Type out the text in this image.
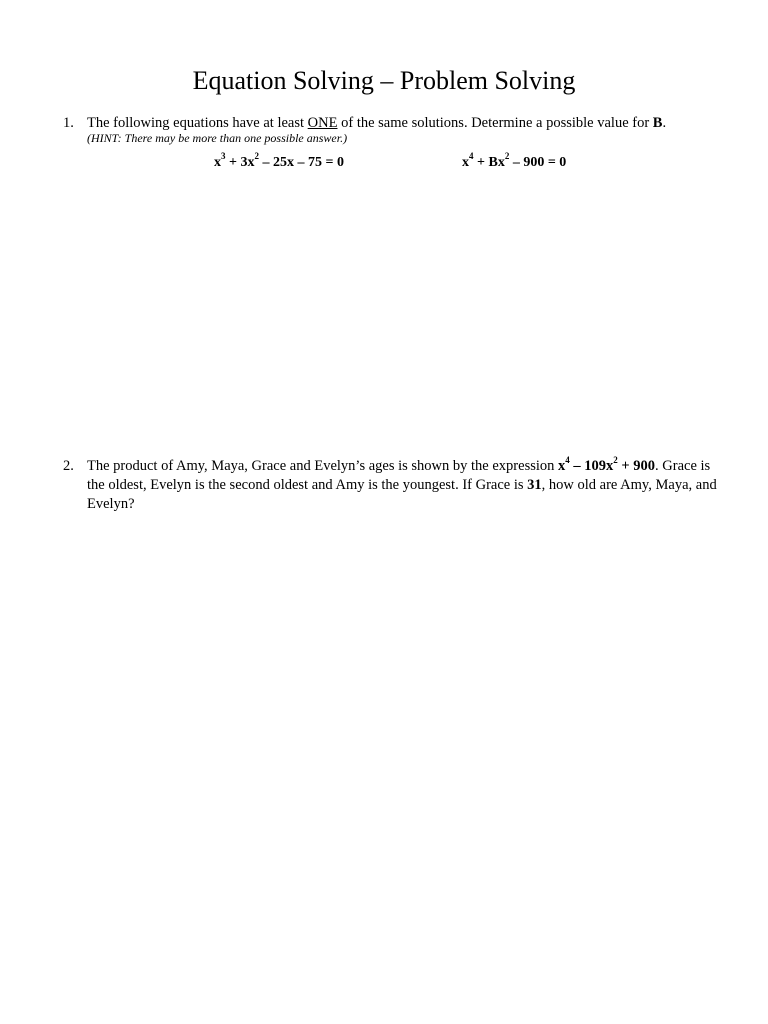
Equation Solving – Problem Solving
1. The following equations have at least ONE of the same solutions. Determine a possible value for B.
(HINT: There may be more than one possible answer.)
$x^3 + 3x^2 - 25x - 75 = 0$	$x^4 + Bx^2 - 900 = 0$
2. The product of Amy, Maya, Grace and Evelyn’s ages is shown by the expression $x^4 - 109x^2 + 900$. Grace is the oldest, Evelyn is the second oldest and Amy is the youngest. If Grace is 31, how old are Amy, Maya, and Evelyn?
